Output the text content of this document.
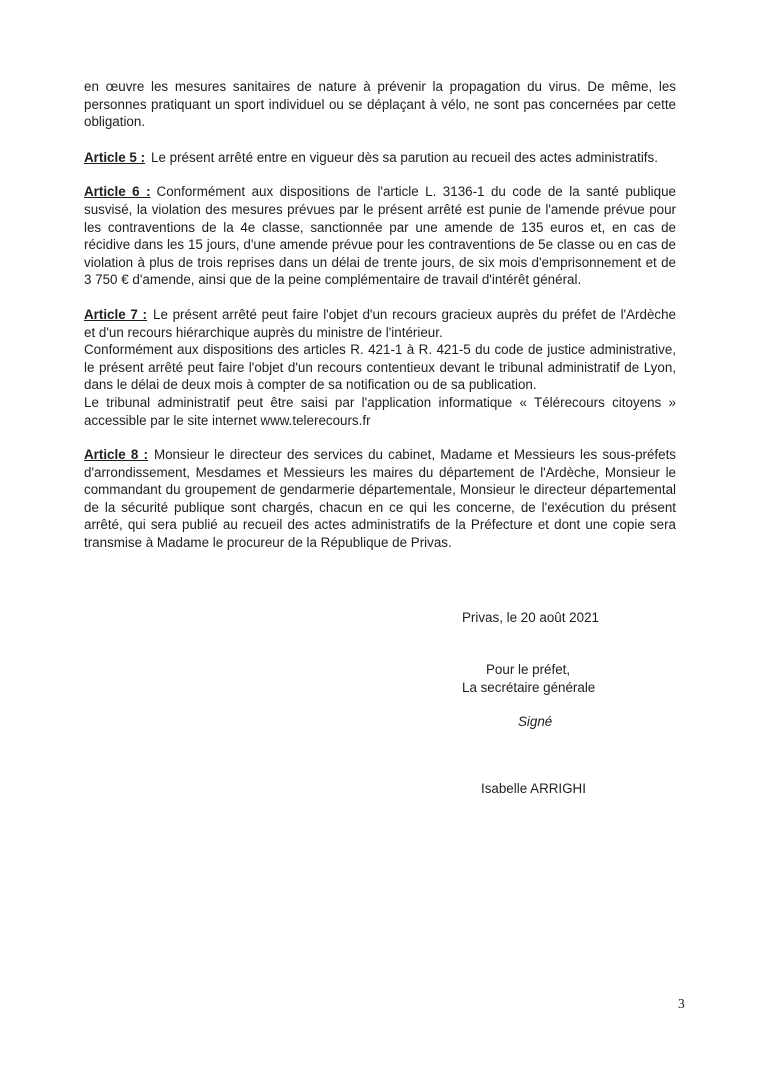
en œuvre les mesures sanitaires de nature à prévenir la propagation du virus. De même, les personnes pratiquant un sport individuel ou se déplaçant à vélo, ne sont pas concernées par cette obligation.

Article 5 : Le présent arrêté entre en vigueur dès sa parution au recueil des actes administratifs.

Article 6 : Conformément aux dispositions de l'article L. 3136-1 du code de la santé publique susvisé, la violation des mesures prévues par le présent arrêté est punie de l'amende prévue pour les contraventions de la 4e classe, sanctionnée par une amende de 135 euros et, en cas de récidive dans les 15 jours, d'une amende prévue pour les contraventions de 5e classe ou en cas de violation à plus de trois reprises dans un délai de trente jours, de six mois d'emprisonnement et de 3 750 € d'amende, ainsi que de la peine complémentaire de travail d'intérêt général.

Article 7 : Le présent arrêté peut faire l'objet d'un recours gracieux auprès du préfet de l'Ardèche et d'un recours hiérarchique auprès du ministre de l'intérieur.

Conformément aux dispositions des articles R. 421-1 à R. 421-5 du code de justice administrative, le présent arrêté peut faire l'objet d'un recours contentieux devant le tribunal administratif de Lyon, dans le délai de deux mois à compter de sa notification ou de sa publication.

Le tribunal administratif peut être saisi par l'application informatique « Télérecours citoyens » accessible par le site internet www.telerecours.fr

Article 8 : Monsieur le directeur des services du cabinet, Madame et Messieurs les sous-préfets d'arrondissement, Mesdames et Messieurs les maires du département de l'Ardèche, Monsieur le commandant du groupement de gendarmerie départementale, Monsieur le directeur départemental de la sécurité publique sont chargés, chacun en ce qui les concerne, de l'exécution du présent arrêté, qui sera publié au recueil des actes administratifs de la Préfecture et dont une copie sera transmise à Madame le procureur de la République de Privas.

Privas, le 20 août 2021
Pour le préfet,
La secrétaire générale
Signé
Isabelle ARRIGHI
3
